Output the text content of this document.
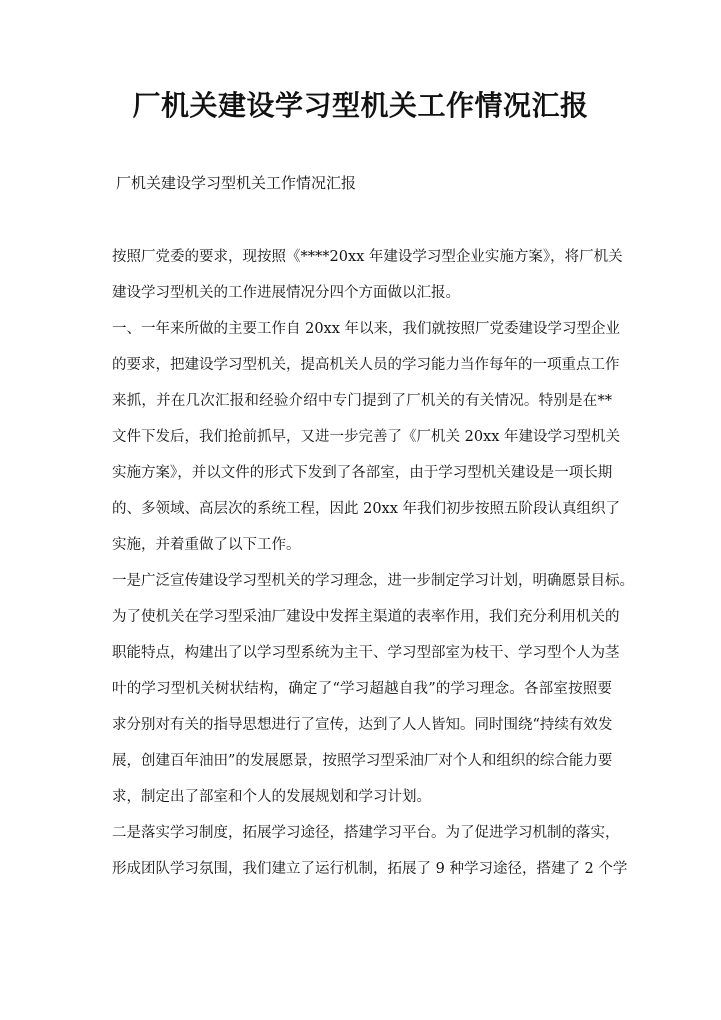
厂机关建设学习型机关工作情况汇报

厂机关建设学习型机关工作情况汇报

按照厂党委的要求，现按照《****20xx 年建设学习型企业实施方案》，将厂机关
建设学习型机关的工作进展情况分四个方面做以汇报。
一、一年来所做的主要工作自 20xx 年以来，我们就按照厂党委建设学习型企业
的要求，把建设学习型机关，提高机关人员的学习能力当作每年的一项重点工作
来抓，并在几次汇报和经验介绍中专门提到了厂机关的有关情况。特别是在**
文件下发后，我们抢前抓早，又进一步完善了《厂机关 20xx 年建设学习型机关
实施方案》，并以文件的形式下发到了各部室，由于学习型机关建设是一项长期
的、多领域、高层次的系统工程，因此 20xx 年我们初步按照五阶段认真组织了
实施，并着重做了以下工作。
一是广泛宣传建设学习型机关的学习理念，进一步制定学习计划，明确愿景目标。
为了使机关在学习型采油厂建设中发挥主渠道的表率作用，我们充分利用机关的
职能特点，构建出了以学习型系统为主干、学习型部室为枝干、学习型个人为茎
叶的学习型机关树状结构，确定了“学习超越自我”的学习理念。各部室按照要
求分别对有关的指导思想进行了宣传，达到了人人皆知。同时围绕“持续有效发
展，创建百年油田”的发展愿景，按照学习型采油厂对个人和组织的综合能力要
求，制定出了部室和个人的发展规划和学习计划。
二是落实学习制度，拓展学习途径，搭建学习平台。为了促进学习机制的落实，
形成团队学习氛围，我们建立了运行机制，拓展了 9 种学习途径，搭建了 2 个学
